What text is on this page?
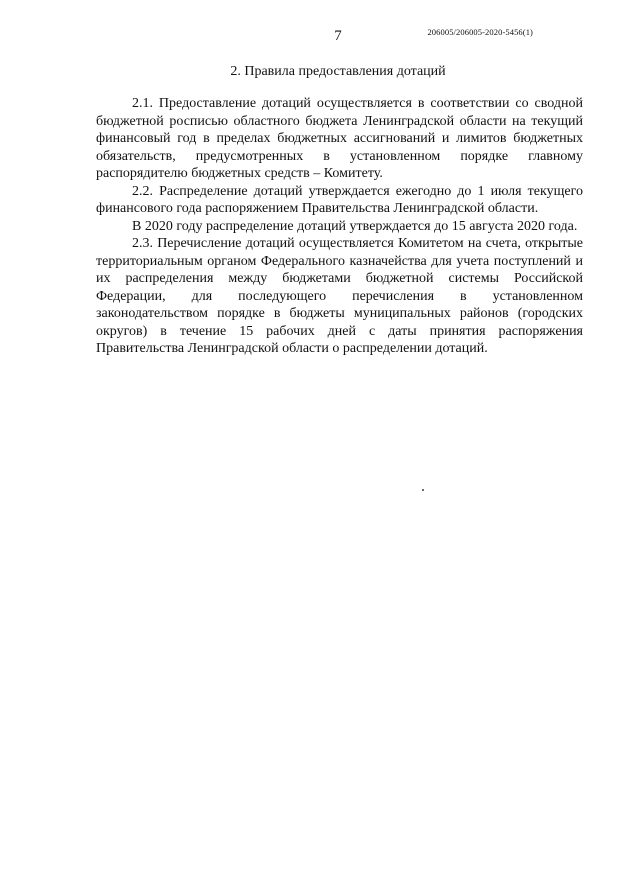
7	206005/206005-2020-5456(1)
2. Правила предоставления дотаций

2.1. Предоставление дотаций осуществляется в соответствии со сводной бюджетной росписью областного бюджета Ленинградской области на текущий финансовый год в пределах бюджетных ассигнований и лимитов бюджетных обязательств, предусмотренных в установленном порядке главному распорядителю бюджетных средств – Комитету.

2.2. Распределение дотаций утверждается ежегодно до 1 июля текущего финансового года распоряжением Правительства Ленинградской области.

В 2020 году распределение дотаций утверждается до 15 августа 2020 года.

2.3. Перечисление дотаций осуществляется Комитетом на счета, открытые территориальным органом Федерального казначейства для учета поступлений и их распределения между бюджетами бюджетной системы Российской Федерации, для последующего перечисления в установленном законодательством порядке в бюджеты муниципальных районов (городских округов) в течение 15 рабочих дней с даты принятия распоряжения Правительства Ленинградской области о распределении дотаций.
